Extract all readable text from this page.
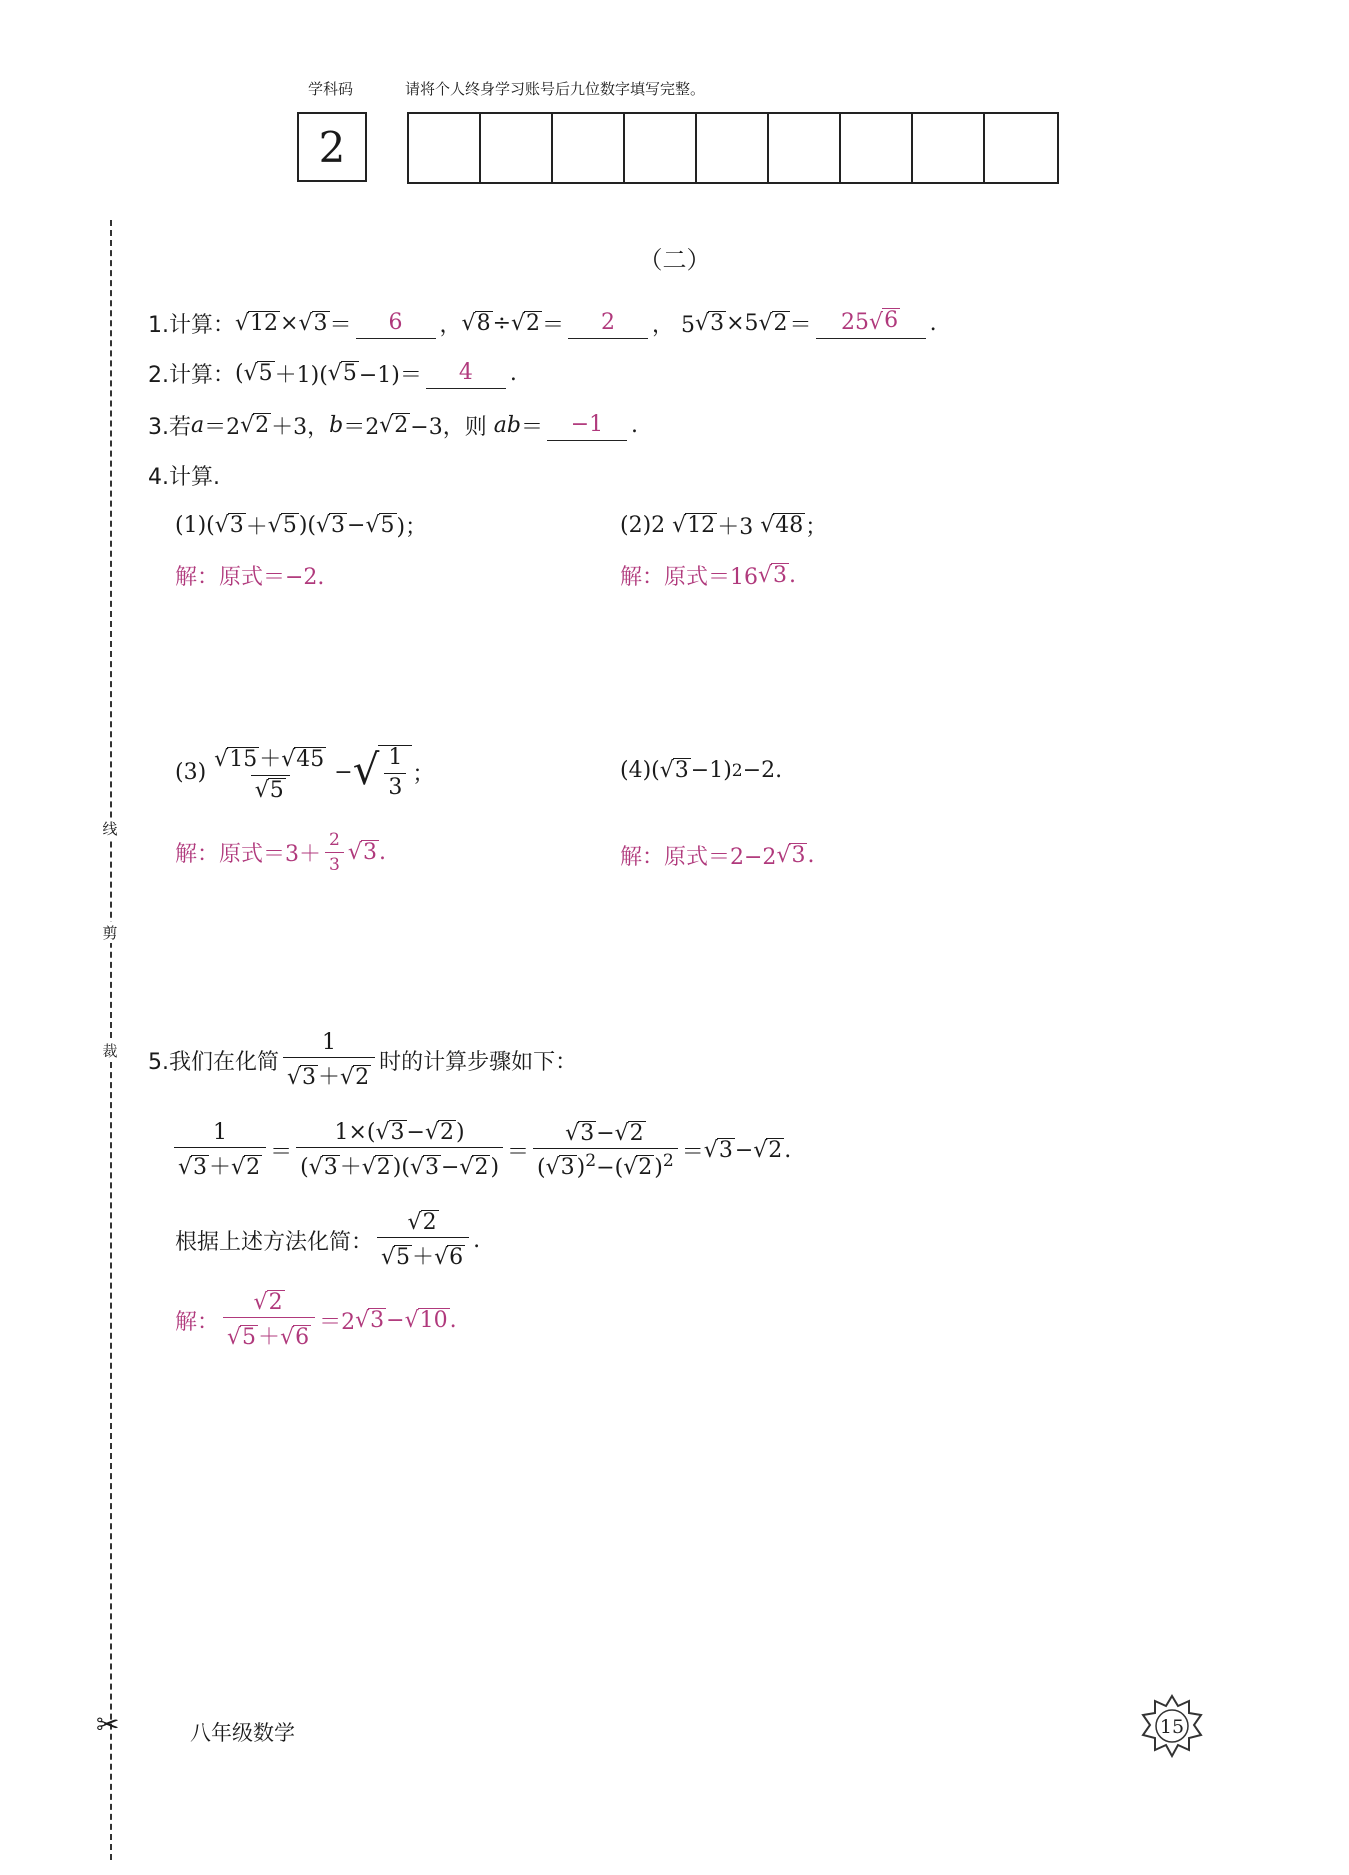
学科码	请将个人终身学习账号后九位数字填写完整。
2
线
剪
裁
（二）
1.计算： √ 12 × √ 3 ＝	6	， √ 8 ÷ √ 2 ＝	2	， 5 √ 3 ×5 √ 2 ＝	25 √ 6 .
2.计算： ( √ 5 ＋1)( √ 5 −1)＝	4	.
3.若 a ＝2 √ 2 ＋3， b ＝2 √ 2 −3， 则
ab ＝	−1	.
4.计算.
(1)( √ 3 ＋ √ 5 )( √ 3 − √ 5 )；	(2)2 √ 12 ＋3 √ 48 ；
解：原式＝−2.	解：原式＝16 √ 3 .
$(3) \frac{√ 15 + √ 45}{√ 5}$ − √ $\frac{1}{3}$ ；	(4)( √ 3 −1) 2 −2.
解：原式$=3+ \frac{2}{3}$ √ 3 .	解：原式＝2−2 √ 3 .
5.我们在化简 $\frac{1}{√ 3 + √ 2}$ 时的计算步骤如下：
$\frac{1}{√ 3 + √ 2} = \frac{1\times( √ 3 - √ 2 )}{( √ 3 + √ 2 )( √ 3 - √ 2 )} = \frac{√ 3 - √ 2}{( √ 3 )^2-( √ 2 )^2}$ ＝ √ 3 − √ 2 .
根据上述方法化简： $\frac{√ 2}{√ 5 + √ 6}$ .
解： $\frac{√ 2}{√ 5 + √ 6} =2$ √ 3 − √ 10 .
✂	八年级数学	15
